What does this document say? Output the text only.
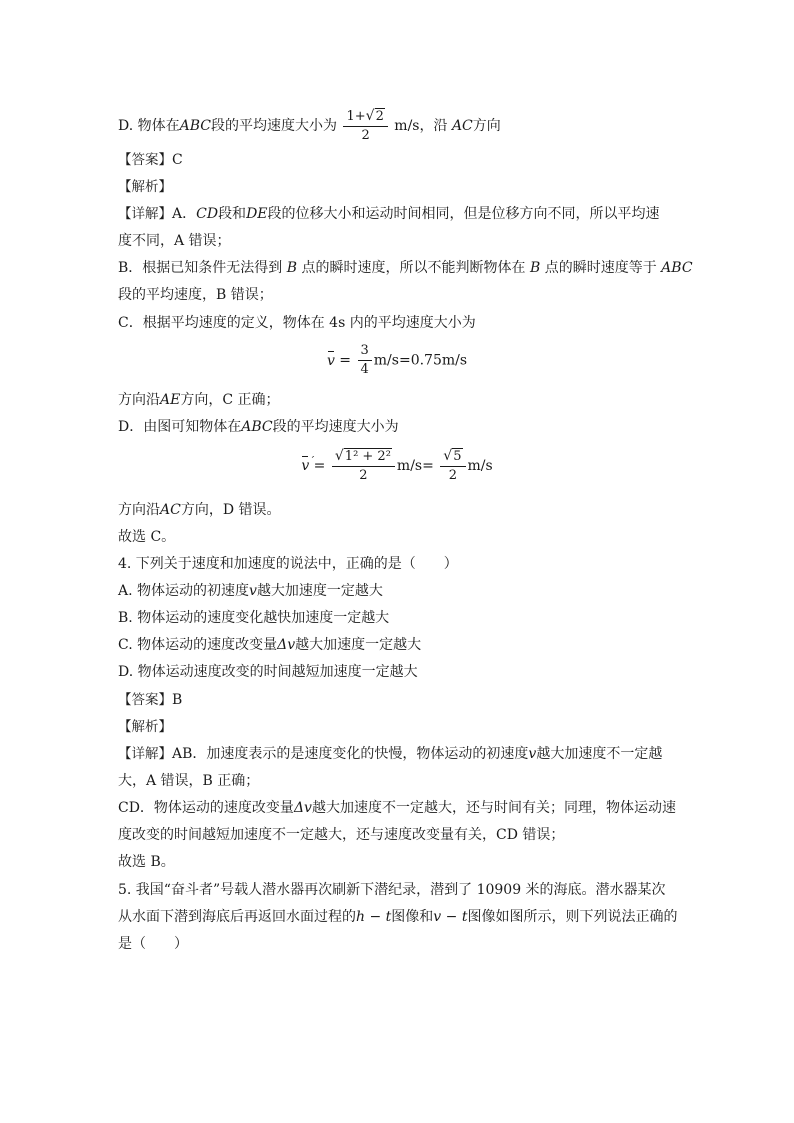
D. 物体在ABC段的平均速度大小为 $\frac{1+ √ 2}{2} m/s$，沿 AC方向
【答案】C
【解析】
【详解】A．CD段和DE段的位移大小和运动时间相同，但是位移方向不同，所以平均速
度不同，A 错误；
B．根据已知条件无法得到 B 点的瞬时速度，所以不能判断物体在 B 点的瞬时速度等于 ABC
段的平均速度，B 错误；
C．根据平均速度的定义，物体在 4s 内的平均速度大小为
$v = \frac{3}{4} m/s=0.75m/s$
方向沿AE方向，C 正确；
D．由图可知物体在ABC段的平均速度大小为
v ′ = $\frac{\text{√ 1² + 2²}}{2} m/s= \frac{√ 5}{2} m/s$
方向沿AC方向，D 错误。
故选 C。
4. 下列关于速度和加速度的说法中，正确的是（　　）
A. 物体运动的初速度v越大加速度一定越大
B. 物体运动的速度变化越快加速度一定越大
C. 物体运动的速度改变量Δv越大加速度一定越大
D. 物体运动速度改变的时间越短加速度一定越大
【答案】B
【解析】
【详解】AB．加速度表示的是速度变化的快慢，物体运动的初速度v越大加速度不一定越
大，A 错误，B 正确；
CD．物体运动的速度改变量Δv越大加速度不一定越大，还与时间有关；同理，物体运动速
度改变的时间越短加速度不一定越大，还与速度改变量有关，CD 错误；
故选 B。
5. 我国“奋斗者”号载人潜水器再次刷新下潜纪录，潜到了 10909 米的海底。潜水器某次
从水面下潜到海底后再返回水面过程的h − t图像和v − t图像如图所示，则下列说法正确的
是（　　）
